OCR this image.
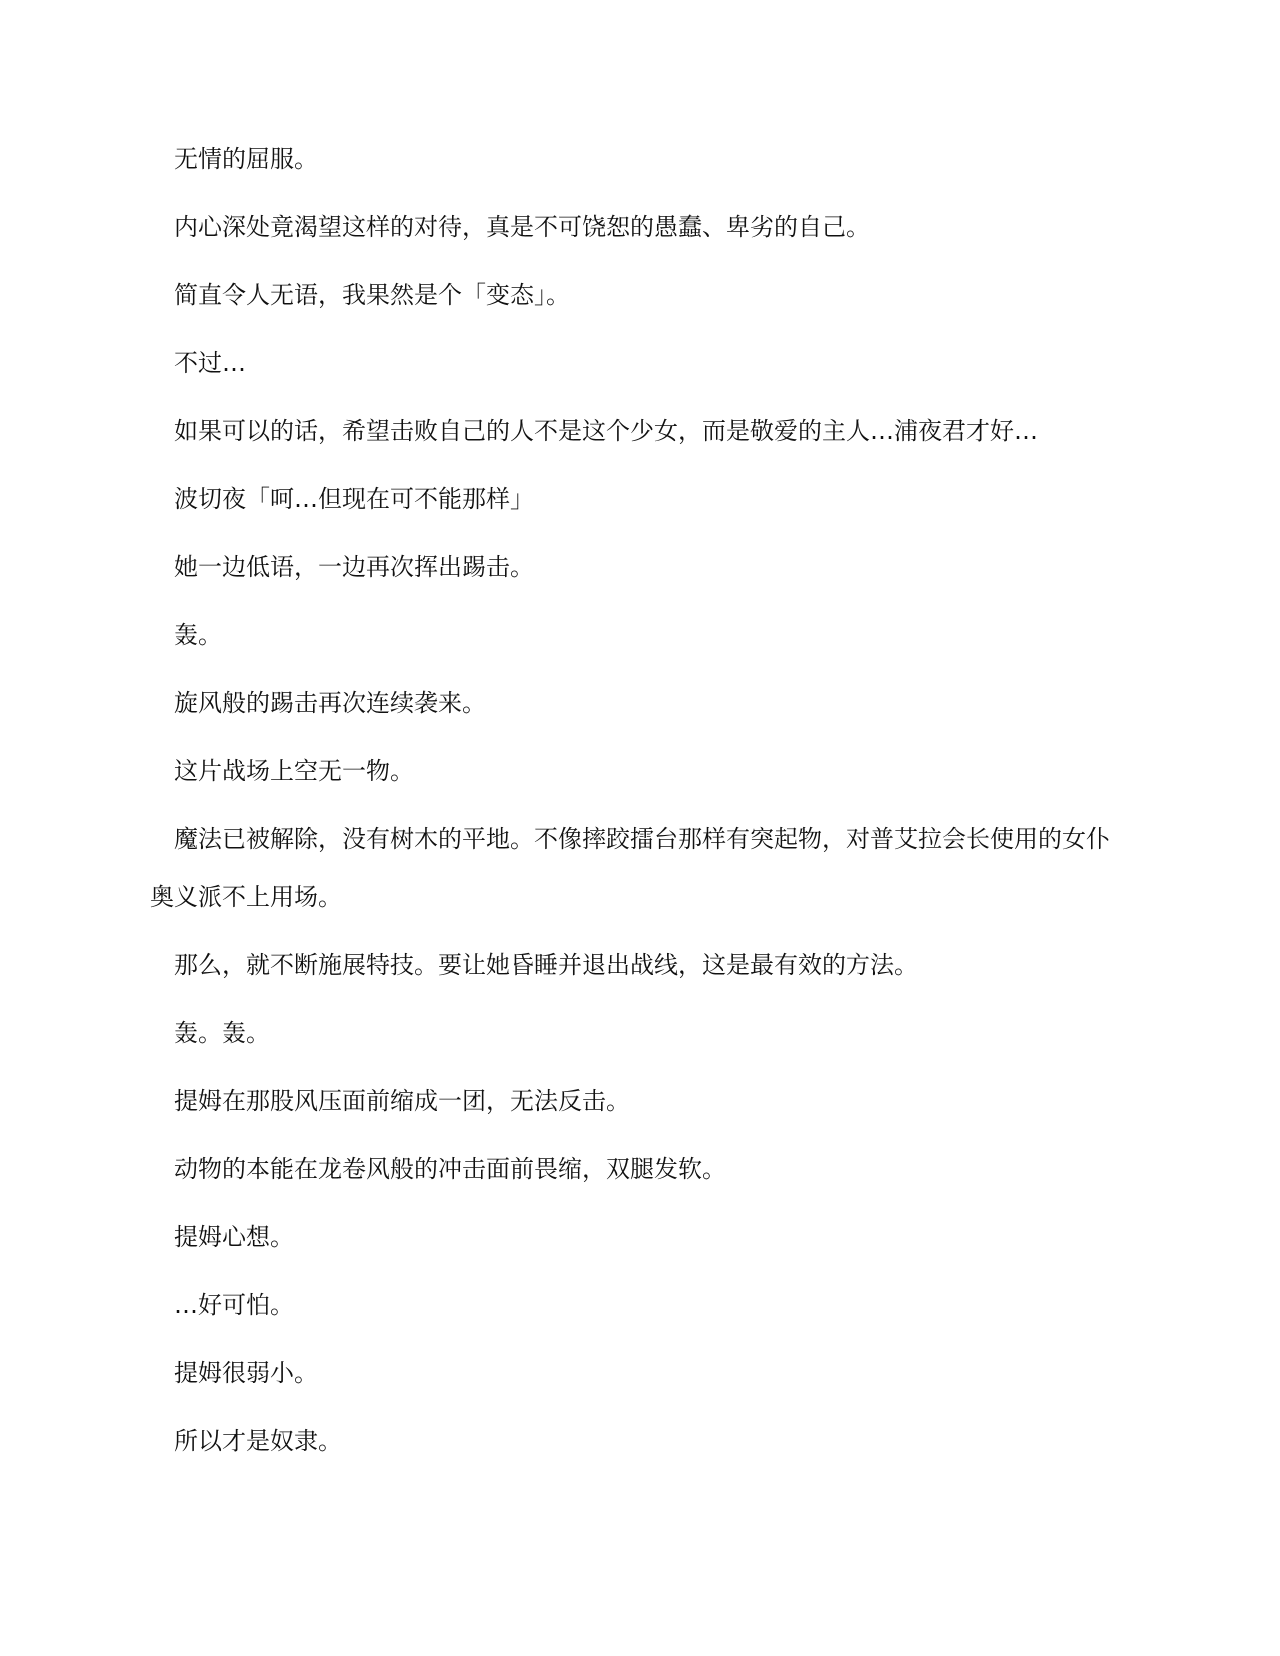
无情的屈服。

内心深处竟渴望这样的对待，真是不可饶恕的愚蠢、卑劣的自己。

简直令人无语，我果然是个「变态」。

不过…

如果可以的话，希望击败自己的人不是这个少女，而是敬爱的主人…浦夜君才好…

波切夜「呵…但现在可不能那样」

她一边低语，一边再次挥出踢击。

轰。

旋风般的踢击再次连续袭来。

这片战场上空无一物。

魔法已被解除，没有树木的平地。不像摔跤擂台那样有突起物，对普艾拉会长使用的女仆奥义派不上用场。

那么，就不断施展特技。要让她昏睡并退出战线，这是最有效的方法。

轰。轰。

提姆在那股风压面前缩成一团，无法反击。

动物的本能在龙卷风般的冲击面前畏缩，双腿发软。

提姆心想。

…好可怕。

提姆很弱小。

所以才是奴隶。
